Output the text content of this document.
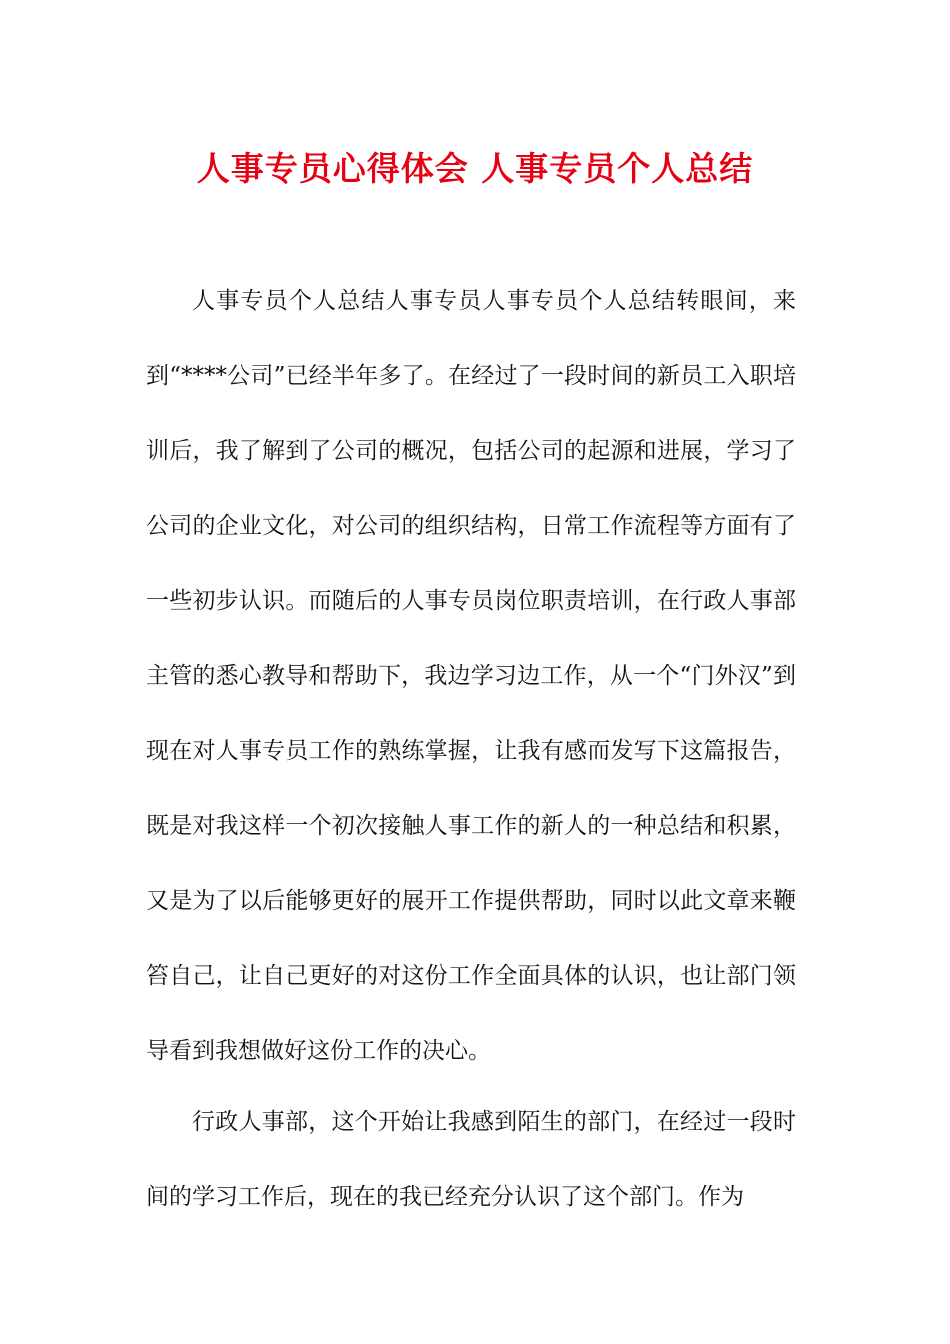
人事专员心得体会 人事专员个人总结

人事专员个人总结人事专员人事专员个人总结转眼间，来到“****公司”已经半年多了。在经过了一段时间的新员工入职培训后，我了解到了公司的概况，包括公司的起源和进展，学习了公司的企业文化，对公司的组织结构，日常工作流程等方面有了一些初步认识。而随后的人事专员岗位职责培训，在行政人事部主管的悉心教导和帮助下，我边学习边工作，从一个“门外汉”到现在对人事专员工作的熟练掌握，让我有感而发写下这篇报告，既是对我这样一个初次接触人事工作的新人的一种总结和积累，又是为了以后能够更好的展开工作提供帮助，同时以此文章来鞭笞自己，让自己更好的对这份工作全面具体的认识，也让部门领导看到我想做好这份工作的决心。

行政人事部，这个开始让我感到陌生的部门，在经过一段时间的学习工作后，现在的我已经充分认识了这个部门。作为
